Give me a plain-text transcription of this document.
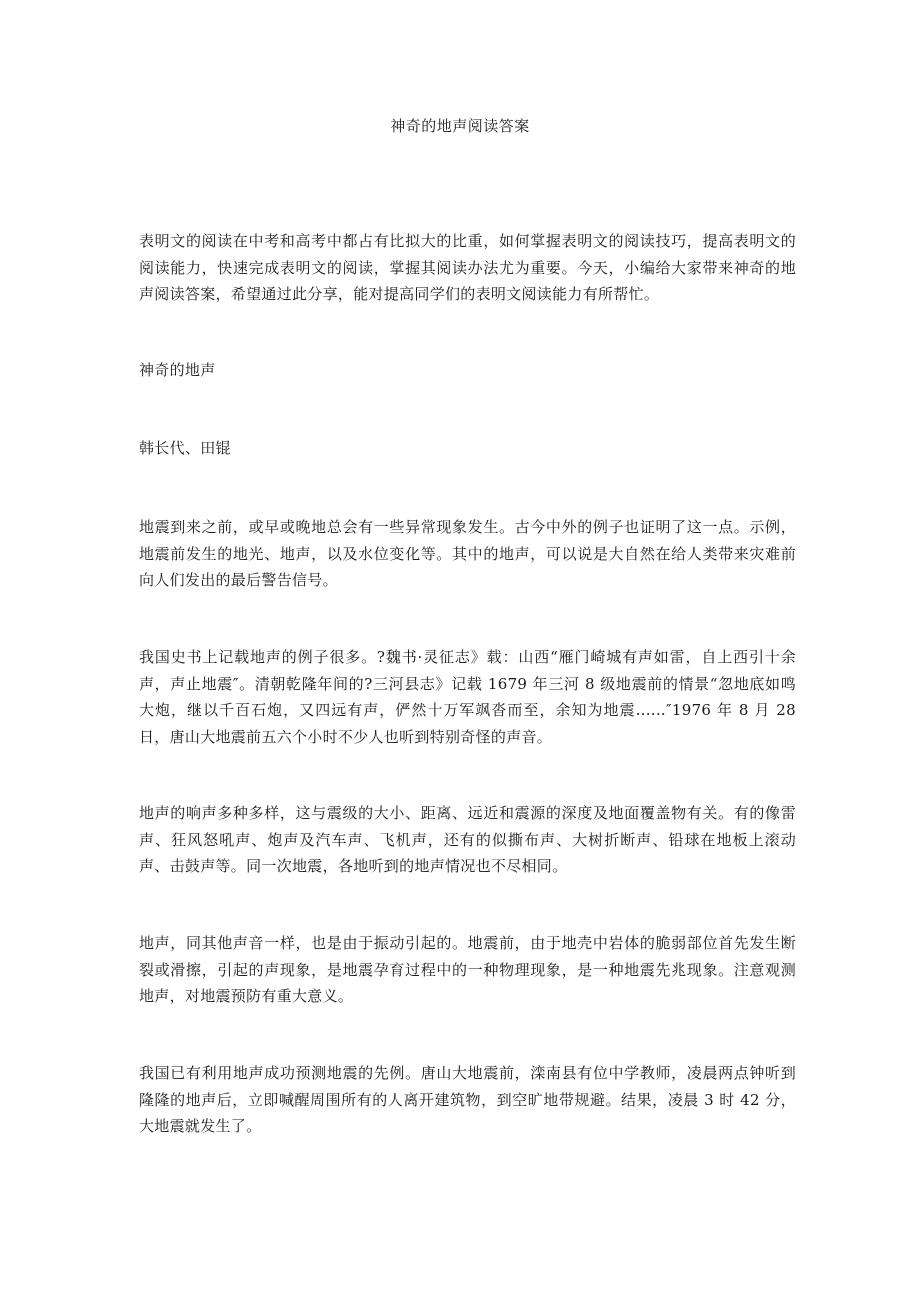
神奇的地声阅读答案

表明文的阅读在中考和高考中都占有比拟大的比重，如何掌握表明文的阅读技巧，提高表明文的阅读能力，快速完成表明文的阅读，掌握其阅读办法尤为重要。今天，小编给大家带来神奇的地声阅读答案，希望通过此分享，能对提高同学们的表明文阅读能力有所帮忙。

神奇的地声

韩长代、田锟

地震到来之前，或早或晚地总会有一些异常现象发生。古今中外的例子也证明了这一点。示例，地震前发生的地光、地声，以及水位变化等。其中的地声，可以说是大自然在给人类带来灾难前向人们发出的最后警告信号。

我国史书上记载地声的例子很多。?魏书·灵征志》载：山西“雁门崎城有声如雷，自上西引十余声，声止地震″。清朝乾隆年间的?三河县志》记载 1679 年三河 8 级地震前的情景“忽地底如鸣大炮，继以千百石炮，又四远有声，俨然十万军飒沓而至，余知为地震......″1976 年 8 月 28 日，唐山大地震前五六个小时不少人也听到特别奇怪的声音。

地声的响声多种多样，这与震级的大小、距离、远近和震源的深度及地面覆盖物有关。有的像雷声、狂风怒吼声、炮声及汽车声、飞机声，还有的似撕布声、大树折断声、铅球在地板上滚动声、击鼓声等。同一次地震，各地听到的地声情况也不尽相同。

地声，同其他声音一样，也是由于振动引起的。地震前，由于地壳中岩体的脆弱部位首先发生断裂或滑擦，引起的声现象，是地震孕育过程中的一种物理现象，是一种地震先兆现象。注意观测地声，对地震预防有重大意义。

我国已有利用地声成功预测地震的先例。唐山大地震前，滦南县有位中学教师，凌晨两点钟听到隆隆的地声后，立即喊醒周围所有的人离开建筑物，到空旷地带规避。结果，凌晨 3 时 42 分，大地震就发生了。
